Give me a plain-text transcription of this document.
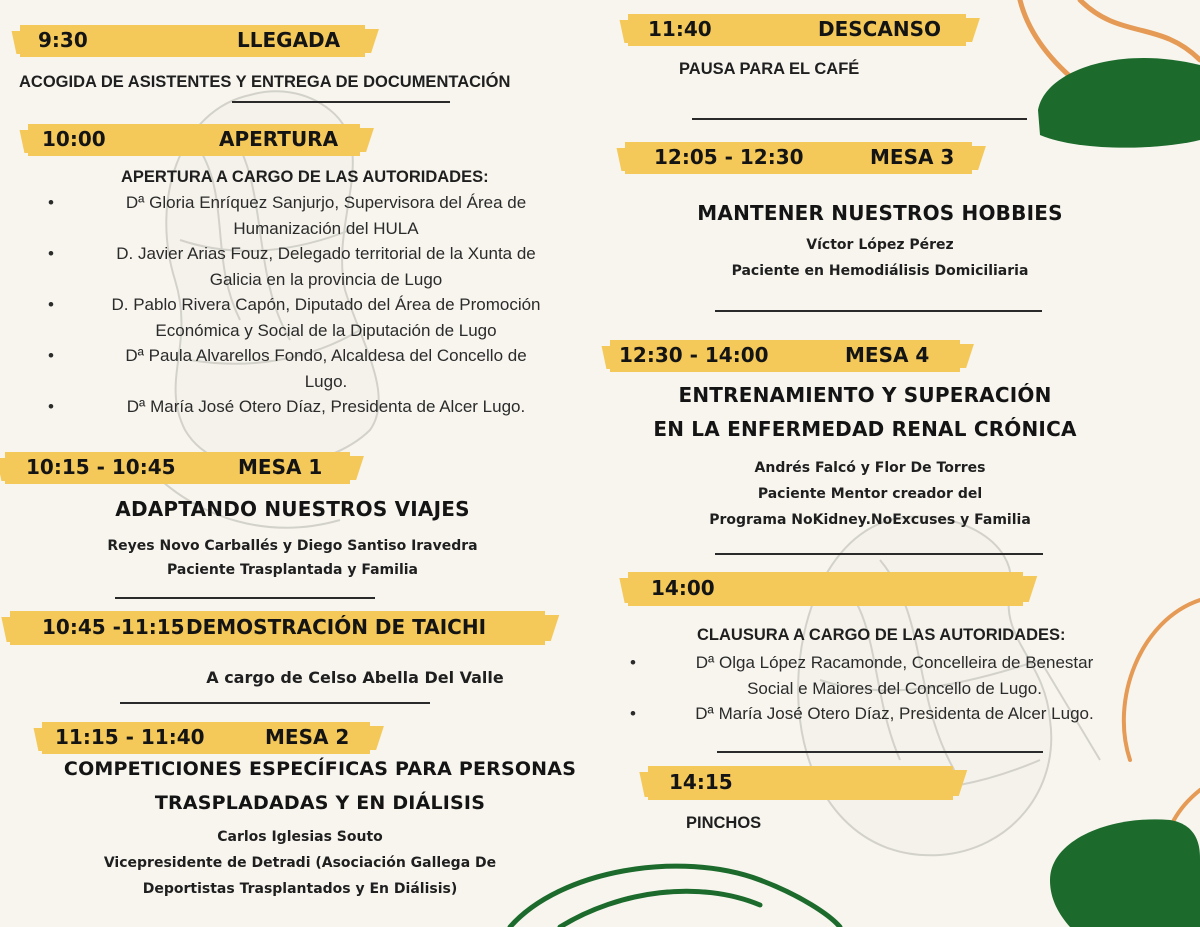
9:30	LLEGADA
ACOGIDA DE ASISTENTES Y ENTREGA DE DOCUMENTACIÓN
10:00	APERTURA
APERTURA A CARGO DE LAS AUTORIDADES:
• Dª Gloria Enríquez Sanjurjo, Supervisora del Área de
Humanización del HULA
• D. Javier Arias Fouz, Delegado territorial de la Xunta de
Galicia en la provincia de Lugo
• D. Pablo Rivera Capón, Diputado del Área de Promoción
Económica y Social de la Diputación de Lugo
• Dª Paula Alvarellos Fondo, Alcaldesa del Concello de
Lugo.
• Dª María José Otero Díaz, Presidenta de Alcer Lugo.
10:15 - 10:45	MESA 1
ADAPTANDO NUESTROS VIAJES
Reyes Novo Carballés y Diego Santiso Iravedra
Paciente Trasplantada y Familia
10:45 -11:15 DEMOSTRACIÓN DE TAICHI
A cargo de Celso Abella Del Valle
11:15 - 11:40	MESA 2
COMPETICIONES ESPECÍFICAS PARA PERSONAS
TRASPLADADAS Y EN DIÁLISIS
Carlos Iglesias Souto
Vicepresidente de Detradi (Asociación Gallega De
Deportistas Trasplantados y En Diálisis)
11:40	DESCANSO
PAUSA PARA EL CAFÉ
12:05 - 12:30	MESA 3
MANTENER NUESTROS HOBBIES
Víctor López Pérez
Paciente en Hemodiálisis Domiciliaria
12:30 - 14:00	MESA 4
ENTRENAMIENTO Y SUPERACIÓN
EN LA ENFERMEDAD RENAL CRÓNICA
Andrés Falcó y Flor De Torres
Paciente Mentor creador del
Programa NoKidney.NoExcuses y Familia
14:00
CLAUSURA A CARGO DE LAS AUTORIDADES:
• Dª Olga López Racamonde, Concelleira de Benestar
Social e Maiores del Concello de Lugo.
• Dª María José Otero Díaz, Presidenta de Alcer Lugo.
14:15
PINCHOS
